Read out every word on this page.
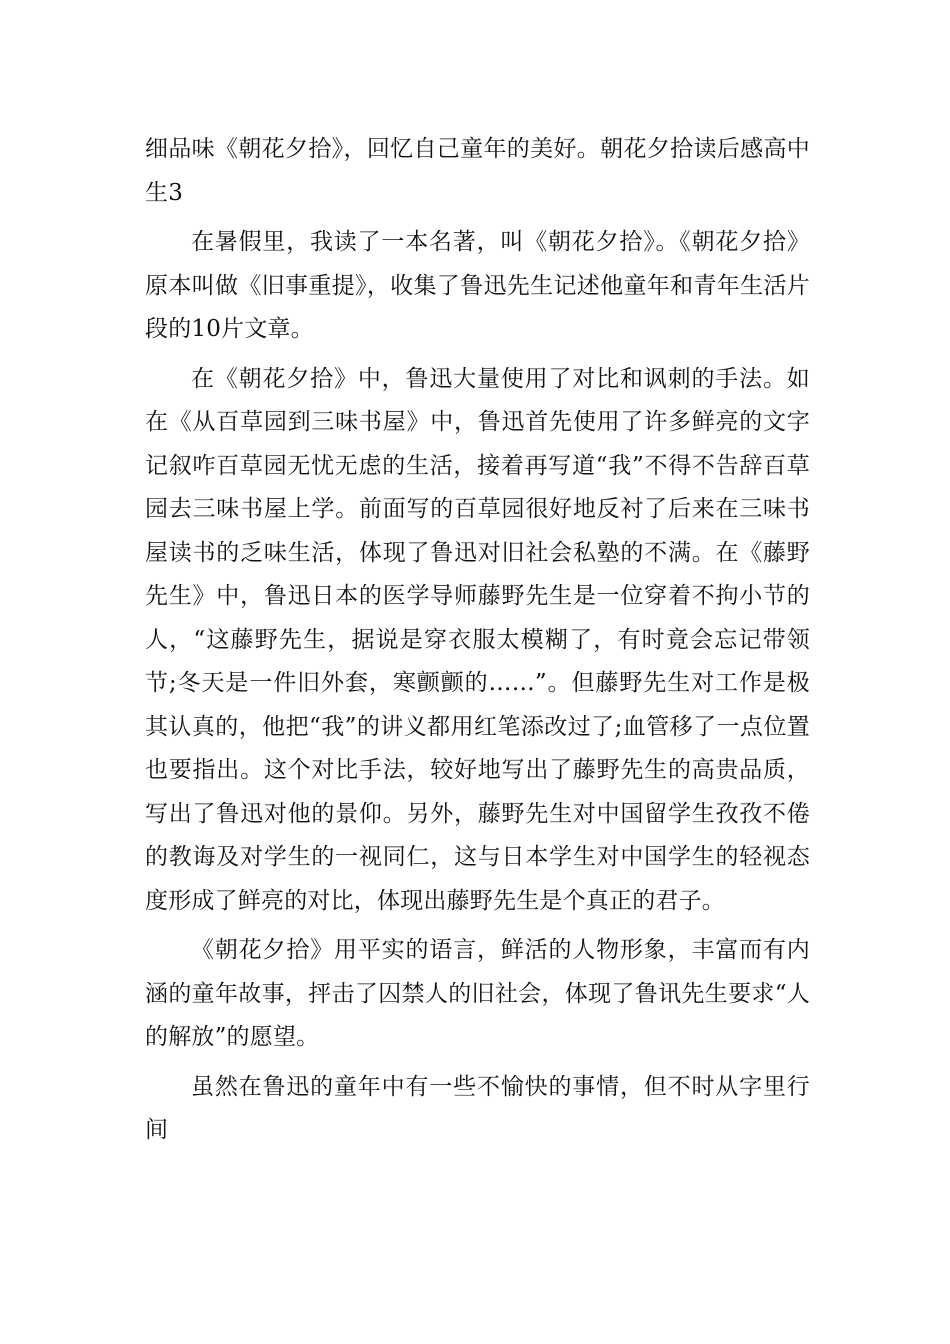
细品味《朝花夕拾》，回忆自己童年的美好。朝花夕拾读后感高中生3

在暑假里，我读了一本名著，叫《朝花夕拾》。《朝花夕拾》原本叫做《旧事重提》，收集了鲁迅先生记述他童年和青年生活片段的10片文章。

在《朝花夕拾》中，鲁迅大量使用了对比和讽刺的手法。如在《从百草园到三味书屋》中，鲁迅首先使用了许多鲜亮的文字记叙咋百草园无忧无虑的生活，接着再写道“我”不得不告辞百草园去三味书屋上学。前面写的百草园很好地反衬了后来在三味书屋读书的乏味生活，体现了鲁迅对旧社会私塾的不满。在《藤野先生》中，鲁迅日本的医学导师藤野先生是一位穿着不拘小节的人，“这藤野先生，据说是穿衣服太模糊了，有时竟会忘记带领节;冬天是一件旧外套，寒颤颤的……”。但藤野先生对工作是极其认真的，他把“我”的讲义都用红笔添改过了;血管移了一点位置也要指出。这个对比手法，较好地写出了藤野先生的高贵品质，写出了鲁迅对他的景仰。另外，藤野先生对中国留学生孜孜不倦的教诲及对学生的一视同仁，这与日本学生对中国学生的轻视态度形成了鲜亮的对比，体现出藤野先生是个真正的君子。

《朝花夕拾》用平实的语言，鲜活的人物形象，丰富而有内涵的童年故事，抨击了囚禁人的旧社会，体现了鲁讯先生要求“人的解放”的愿望。

虽然在鲁迅的童年中有一些不愉快的事情，但不时从字里行间
